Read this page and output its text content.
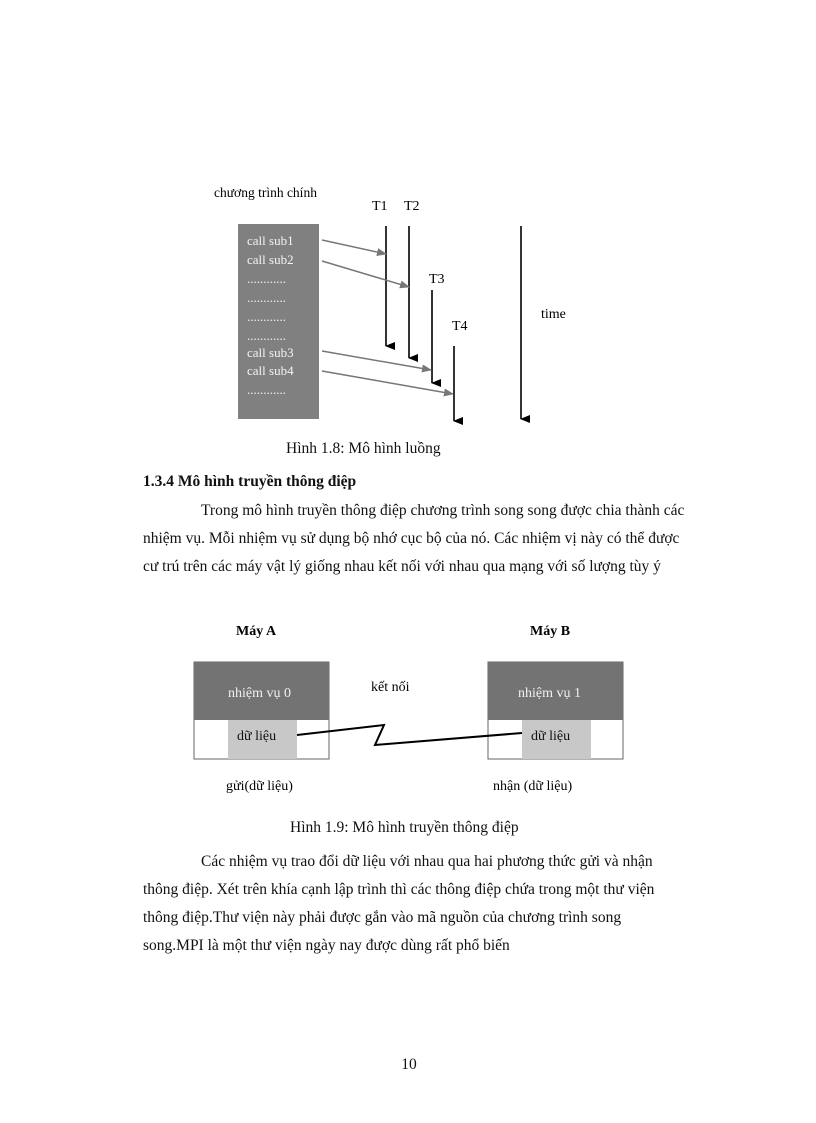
chương trình chính
call sub1
call sub2
............
............
............
............
call sub3
call sub4
............
T1 T2
T3
T4
time
Hình 1.8: Mô hình luồng
1.3.4 Mô hình truyền thông điệp

Trong mô hình truyền thông điệp chương trình song song được chia thành các

nhiệm vụ. Mỗi nhiệm vụ sử dụng bộ nhớ cục bộ của nó. Các nhiệm vị này có thể được

cư trú trên các máy vật lý giống nhau kết nối với nhau qua mạng với số lượng tùy ý

Máy A	Máy B
nhiệm vụ 0
dữ liệu
nhiệm vụ 1
dữ liệu
kết nối
gửi(dữ liệu)	nhận (dữ liệu)
Hình 1.9: Mô hình truyền thông điệp

Các nhiệm vụ trao đổi dữ liệu với nhau qua hai phương thức gửi và nhận

thông điệp. Xét trên khía cạnh lập trình thì các thông điệp chứa trong một thư viện

thông điệp.Thư viện này phải được gắn vào mã nguồn của chương trình song

song.MPI là một thư viện ngày nay được dùng rất phổ biến

10
